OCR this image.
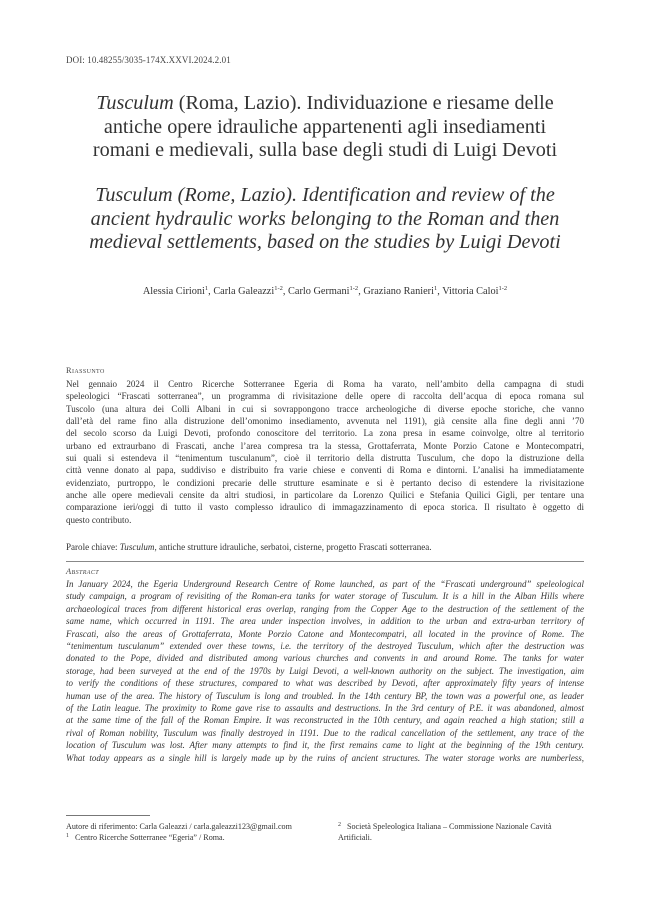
DOI: 10.48255/3035-174X.XXVI.2024.2.01
Tusculum (Roma, Lazio). Individuazione e riesame delle
antiche opere idrauliche appartenenti agli insediamenti
romani e medievali, sulla base degli studi di Luigi Devoti
Tusculum (Rome, Lazio). Identification and review of the
ancient hydraulic works belonging to the Roman and then
medieval settlements, based on the studies by Luigi Devoti
Alessia Cirioni$^1$, Carla Galeazzi$^{1-2}$, Carlo Germani$^{1-2}$, Graziano Ranieri$^1$, Vittoria Caloi$^{1-2}$
Riassunto
Nel gennaio 2024 il Centro Ricerche Sotterranee Egeria di Roma ha varato, nell’ambito della campagna di studi
speleologici “Frascati sotterranea”, un programma di rivisitazione delle opere di raccolta dell’acqua di epoca romana sul
Tuscolo (una altura dei Colli Albani in cui si sovrappongono tracce archeologiche di diverse epoche storiche, che vanno
dall’età del rame fino alla distruzione dell’omonimo insediamento, avvenuta nel 1191), già censite alla fine degli anni ’70
del secolo scorso da Luigi Devoti, profondo conoscitore del territorio. La zona presa in esame coinvolge, oltre al territorio
urbano ed extraurbano di Frascati, anche l’area compresa tra la stessa, Grottaferrata, Monte Porzio Catone e Montecompatri,
sui quali si estendeva il “tenimentum tusculanum”, cioè il territorio della distrutta Tusculum, che dopo la distruzione della
città venne donato al papa, suddiviso e distribuito fra varie chiese e conventi di Roma e dintorni. L’analisi ha immediatamente
evidenziato, purtroppo, le condizioni precarie delle strutture esaminate e si è pertanto deciso di estendere la rivisitazione
anche alle opere medievali censite da altri studiosi, in particolare da Lorenzo Quilici e Stefania Quilici Gigli, per tentare una
comparazione ieri/oggi di tutto il vasto complesso idraulico di immagazzinamento di epoca storica. Il risultato è oggetto di
questo contributo.
Parole chiave: Tusculum, antiche strutture idrauliche, serbatoi, cisterne, progetto Frascati sotterranea.
Abstract
In January 2024, the Egeria Underground Research Centre of Rome launched, as part of the “Frascati underground” speleological
study campaign, a program of revisiting of the Roman-era tanks for water storage of Tusculum. It is a hill in the Alban Hills where
archaeological traces from different historical eras overlap, ranging from the Copper Age to the destruction of the settlement of the
same name, which occurred in 1191. The area under inspection involves, in addition to the urban and extra-urban territory of
Frascati, also the areas of Grottaferrata, Monte Porzio Catone and Montecompatri, all located in the province of Rome. The
“tenimentum tusculanum” extended over these towns, i.e. the territory of the destroyed Tusculum, which after the destruction was
donated to the Pope, divided and distributed among various churches and convents in and around Rome. The tanks for water
storage, had been surveyed at the end of the 1970s by Luigi Devoti, a well-known authority on the subject. The investigation, aim
to verify the conditions of these structures, compared to what was described by Devoti, after approximately fifty years of intense
human use of the area. The history of Tusculum is long and troubled. In the 14th century BP, the town was a powerful one, as leader
of the Latin league. The proximity to Rome gave rise to assaults and destructions. In the 3rd century of P.E. it was abandoned, almost
at the same time of the fall of the Roman Empire. It was reconstructed in the 10th century, and again reached a high station; still a
rival of Roman nobility, Tusculum was finally destroyed in 1191. Due to the radical cancellation of the settlement, any trace of the
location of Tusculum was lost. After many attempts to find it, the first remains came to light at the beginning of the 19th century.
What today appears as a single hill is largely made up by the ruins of ancient structures. The water storage works are numberless,
Autore di riferimento: Carla Galeazzi / carla.galeazzi123@gmail.com
$^1$ Centro Ricerche Sotterranee “Egeria” / Roma.
$^2$ Società Speleologica Italiana – Commissione Nazionale Cavità
Artificiali.
